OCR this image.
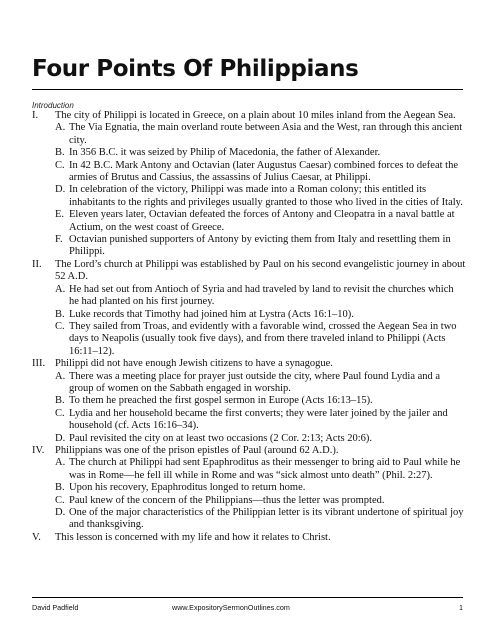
Four Points Of Philippians
Introduction
I.	The city of Philippi is located in Greece, on a plain about 10 miles inland from the Aegean Sea.
A. The Via Egnatia, the main overland route between Asia and the West, ran through this ancient city.
B. In 356 B.C. it was seized by Philip of Macedonia, the father of Alexander.
C. In 42 B.C. Mark Antony and Octavian (later Augustus Caesar) combined forces to defeat the armies of Brutus and Cassius, the assassins of Julius Caesar, at Philippi.
D. In celebration of the victory, Philippi was made into a Roman colony; this entitled its inhabitants to the rights and privileges usually granted to those who lived in the cities of Italy.
E. Eleven years later, Octavian defeated the forces of Antony and Cleopatra in a naval battle at Actium, on the west coast of Greece.
F. Octavian punished supporters of Antony by evicting them from Italy and resettling them in Philippi.
II.	The Lord’s church at Philippi was established by Paul on his second evangelistic journey in about 52 A.D.
A. He had set out from Antioch of Syria and had traveled by land to revisit the churches which he had planted on his first journey.
B. Luke records that Timothy had joined him at Lystra (Acts 16:1–10).
C. They sailed from Troas, and evidently with a favorable wind, crossed the Aegean Sea in two days to Neapolis (usually took five days), and from there traveled inland to Philippi (Acts 16:11–12).
III. Philippi did not have enough Jewish citizens to have a synagogue.
A. There was a meeting place for prayer just outside the city, where Paul found Lydia and a group of women on the Sabbath engaged in worship.
B. To them he preached the first gospel sermon in Europe (Acts 16:13–15).
C. Lydia and her household became the first converts; they were later joined by the jailer and household (cf. Acts 16:16–34).
D. Paul revisited the city on at least two occasions (2 Cor. 2:13; Acts 20:6).
IV.	Philippians was one of the prison epistles of Paul (around 62 A.D.).
A. The church at Philippi had sent Epaphroditus as their messenger to bring aid to Paul while he was in Rome—he fell ill while in Rome and was “sick almost unto death” (Phil. 2:27).
B. Upon his recovery, Epaphroditus longed to return home.
C. Paul knew of the concern of the Philippians—thus the letter was prompted.
D. One of the major characteristics of the Philippian letter is its vibrant undertone of spiritual joy and thanksgiving.
V.	This lesson is concerned with my life and how it relates to Christ.
David Padfield	www.ExpositorySermonOutlines.com	1
